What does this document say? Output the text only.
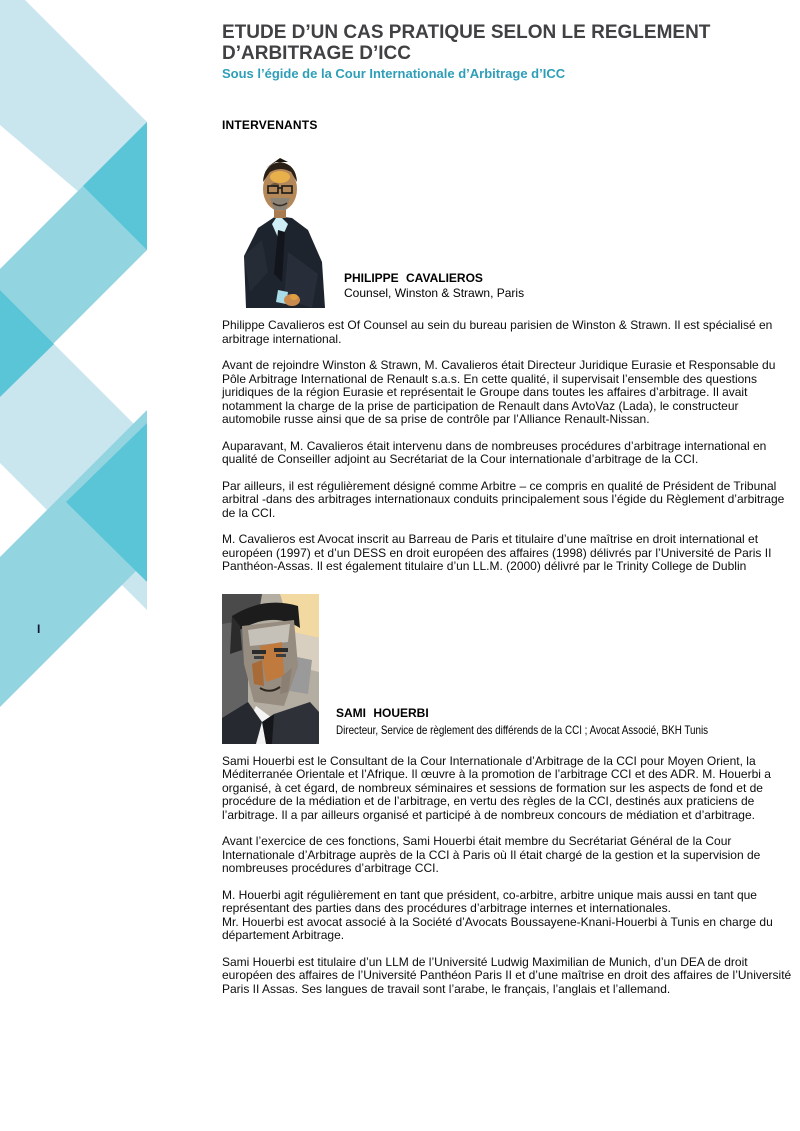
I
ETUDE D’UN CAS PRATIQUE SELON LE REGLEMENT D’ARBITRAGE D’ICC
Sous l’égide de la Cour Internationale d’Arbitrage d’ICC
INTERVENANTS
PHILIPPE CAVALIEROS
Counsel, Winston & Strawn, Paris

Philippe Cavalieros est Of Counsel au sein du bureau parisien de Winston & Strawn. Il est spécialisé en arbitrage international.

Avant de rejoindre Winston & Strawn, M. Cavalieros était Directeur Juridique Eurasie et Responsable du Pôle Arbitrage International de Renault s.a.s. En cette qualité, il supervisait l’ensemble des questions juridiques de la région Eurasie et représentait le Groupe dans toutes les affaires d’arbitrage. Il avait notamment la charge de la prise de participation de Renault dans AvtoVaz (Lada), le constructeur automobile russe ainsi que de sa prise de contrôle par l’Alliance Renault-Nissan.

Auparavant, M. Cavalieros était intervenu dans de nombreuses procédures d’arbitrage international en qualité de Conseiller adjoint au Secrétariat de la Cour internationale d’arbitrage de la CCI.

Par ailleurs, il est régulièrement désigné comme Arbitre – ce compris en qualité de Président de Tribunal arbitral -dans des arbitrages internationaux conduits principalement sous l’égide du Règlement d’arbitrage de la CCI.

M. Cavalieros est Avocat inscrit au Barreau de Paris et titulaire d’une maîtrise en droit international et européen (1997) et d’un DESS en droit européen des affaires (1998) délivrés par l’Université de Paris II Panthéon-Assas. Il est également titulaire d’un LL.M. (2000) délivré par le Trinity College de Dublin

SAMI HOUERBI
Directeur, Service de règlement des différends de la CCI ; Avocat Associé, BKH Tunis

Sami Houerbi est le Consultant de la Cour Internationale d’Arbitrage de la CCI pour Moyen Orient, la Méditerranée Orientale et l’Afrique. Il œuvre à la promotion de l’arbitrage CCI et des ADR. M. Houerbi a organisé, à cet égard, de nombreux séminaires et sessions de formation sur les aspects de fond et de procédure de la médiation et de l’arbitrage, en vertu des règles de la CCI, destinés aux praticiens de l’arbitrage. Il a par ailleurs organisé et participé à de nombreux concours de médiation et d’arbitrage.

Avant l’exercice de ces fonctions, Sami Houerbi était membre du Secrétariat Général de la Cour Internationale d’Arbitrage auprès de la CCI à Paris où Il était chargé de la gestion et la supervision de nombreuses procédures d’arbitrage CCI.

M. Houerbi agit régulièrement en tant que président, co-arbitre, arbitre unique mais aussi en tant que représentant des parties dans des procédures d’arbitrage internes et internationales.

Mr. Houerbi est avocat associé à la Société d’Avocats Boussayene-Knani-Houerbi à Tunis en charge du département Arbitrage.

Sami Houerbi est titulaire d’un LLM de l’Université Ludwig Maximilian de Munich, d’un DEA de droit européen des affaires de l’Université Panthéon Paris II et d’une maîtrise en droit des affaires de l’Université Paris II Assas. Ses langues de travail sont l’arabe, le français, l’anglais et l’allemand.
